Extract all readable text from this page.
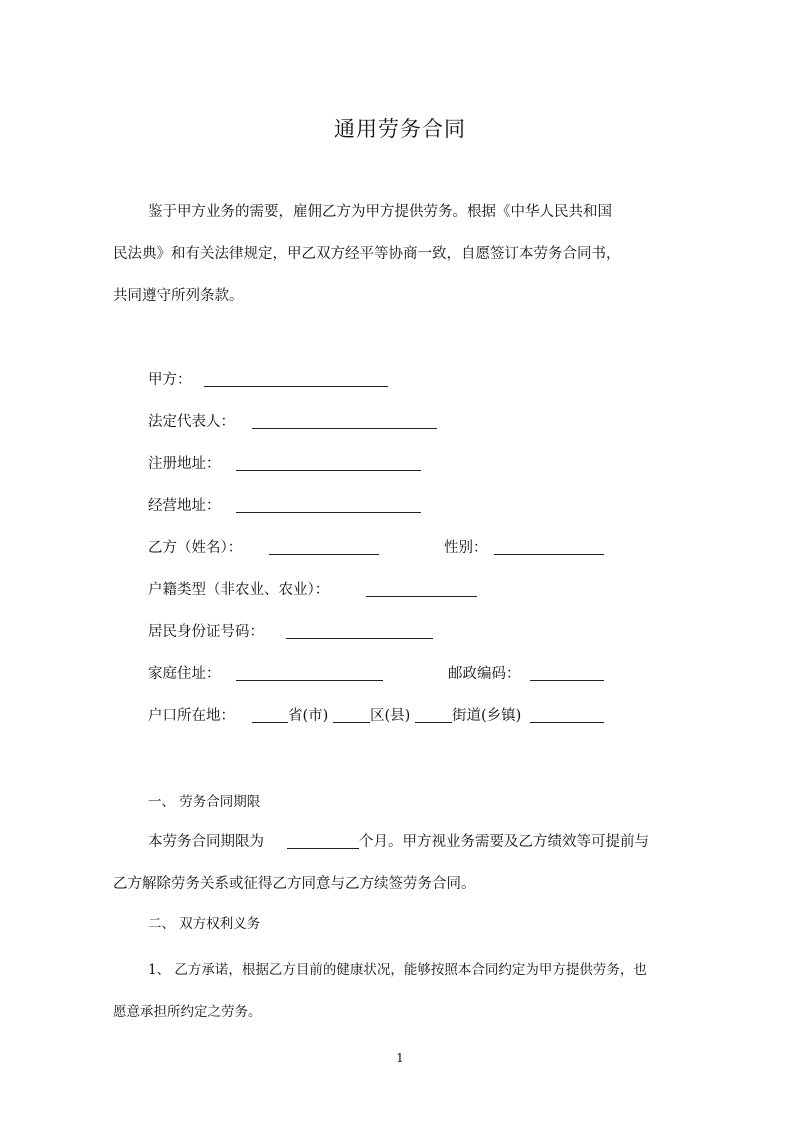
通用劳务合同
鉴于甲方业务的需要，雇佣乙方为甲方提供劳务。根据《中华人民共和国
民法典》和有关法律规定，甲乙双方经平等协商一致，自愿签订本劳务合同书，
共同遵守所列条款。
甲方：
法定代表人：
注册地址：
经营地址：
乙方（姓名）：	性别：
户籍类型（非农业、农业）：
居民身份证号码：
家庭住址：	邮政编码：
户口所在地：	省(市)	区(县)	街道(乡镇)
一、 劳务合同期限
本劳务合同期限为	个月。甲方视业务需要及乙方绩效等可提前与
乙方解除劳务关系或征得乙方同意与乙方续签劳务合同。
二、 双方权利义务
1、 乙方承诺，根据乙方目前的健康状况，能够按照本合同约定为甲方提供劳务，也
愿意承担所约定之劳务。
1
